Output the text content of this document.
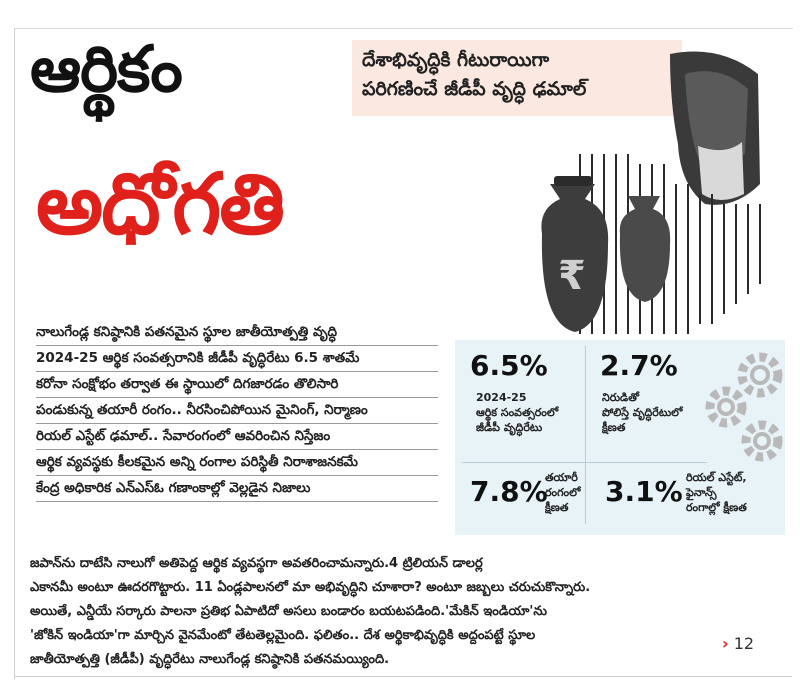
ఆర్థికం
అధోగతి
దేశాభివృద్ధికి గీటురాయిగా
పరిగణించే జీడీపీ వృద్ధి ఢమాల్
₹

నాలుగేండ్ల కనిష్ఠానికి పతనమైన స్థూల జాతీయోత్పత్తి వృద్ధి

2024-25 ఆర్థిక సంవత్సరానికి జీడీపీ వృద్ధిరేటు 6.5 శాతమే

కరోనా సంక్షోభం తర్వాత ఈ స్థాయిలో దిగజారడం తొలిసారి

పండుకున్న తయారీ రంగం.. నీరసించిపోయిన మైనింగ్, నిర్మాణం

రియల్ ఎస్టేట్ ఢమాల్.. సేవారంగంలో ఆవరించిన నిస్తేజం

ఆర్థిక వ్యవస్థకు కీలకమైన అన్ని రంగాల పరిస్థితీ నిరాశాజనకమే

కేంద్ర అధికారిక ఎన్ఎస్ఓ గణాంకాల్లో వెల్లడైన నిజాలు

6.5%
2024-25
ఆర్థిక సంవత్సరంలో
జీడీపీ వృద్ధిరేటు
2.7%
నిరుడితో
పోలిస్తే వృద్ధిరేటులో
క్షీణత
7.8%
తయారీ
రంగంలో
క్షీణత	3.1% రియల్ ఎస్టేట్,
ఫైనాన్స్
రంగాల్లో క్షీణత

జపాన్‌ను దాటేసి నాలుగో అతిపెద్ద ఆర్థిక వ్యవస్థగా అవతరించామన్నారు.4 ట్రిలియన్ డాలర్ల

ఎకానమీ అంటూ ఊదరగొట్టారు. 11 ఏండ్లపాలనలో మా అభివృద్ధిని చూశారా? అంటూ జబ్బలు చరుచుకొన్నారు.

అయితే, ఎన్డీయే సర్కారు పాలనా ప్రతిభ ఏపాటిదో అసలు బండారం బయటపడింది.'మేకిన్ ఇండియా'ను

'జోకిన్ ఇండియా'గా మార్చిన వైనమేంటో తేటతెల్లమైంది. ఫలితం.. దేశ అర్థికాభివృద్ధికి అద్దంపట్టే స్థూల

జాతీయోత్పత్తి (జీడీపీ) వృద్ధిరేటు నాలుగేండ్ల కనిష్ఠానికి పతనమయ్యింది.

› 12
